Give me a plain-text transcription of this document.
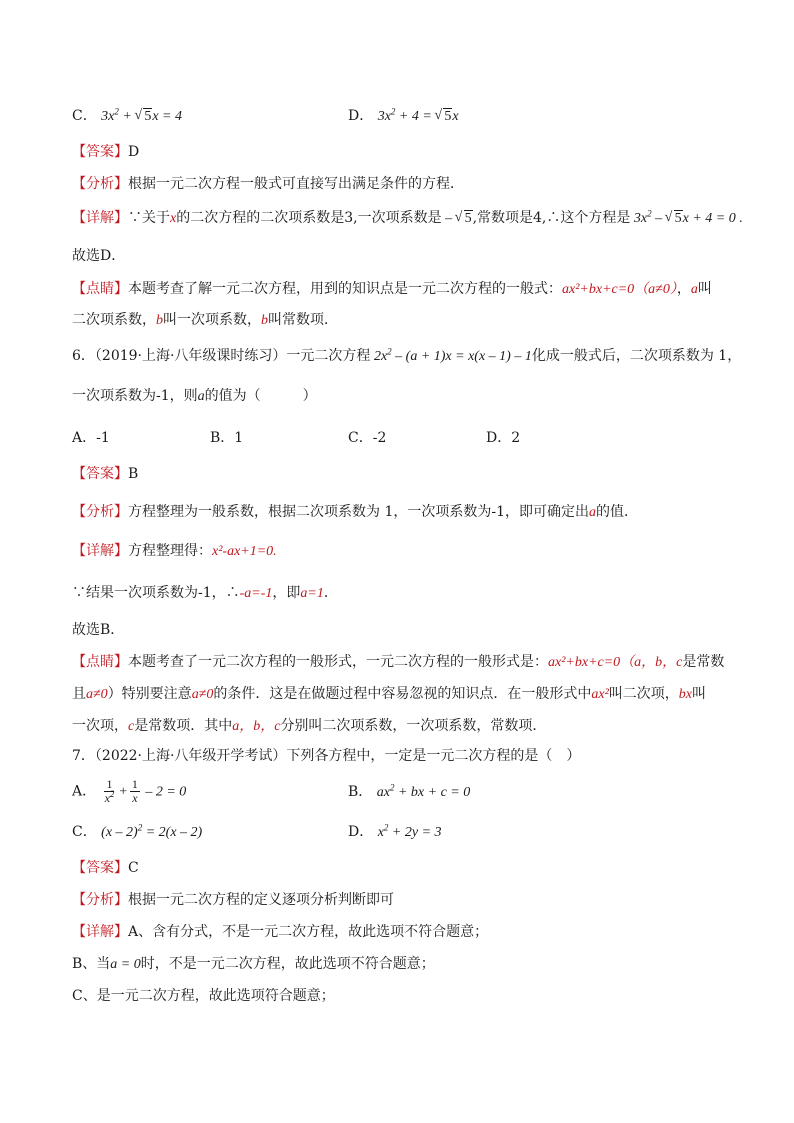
C． $3x^2$ + √ 5x = 4	D． $3x^2 + 4$ = √ 5x
【答案】D
【分析】根据一元二次方程一般式可直接写出满足条件的方程．
【详解】∵关于x的二次方程的二次项系数是3,一次项系数是 – √ 5,常数项是4,∴这个方程是 $3x^2$ – √ 5x + 4 = 0 .
故选D．
【点睛】本题考查了解一元二次方程，用到的知识点是一元二次方程的一般式：ax²+bx+c=0（a≠0），a叫
二次项系数，b叫一次项系数，b叫常数项．
6．（2019·上海·八年级课时练习）一元二次方程 $2x^2 - (a + 1)x = x(x - 1) - 1$化成一般式后，二次项系数为 1，
一次项系数为-1，则a的值为（　　　）
A．-1	B．1	C．-2	D．2
【答案】B
【分析】方程整理为一般系数，根据二次项系数为 1，一次项系数为-1，即可确定出a的值．
【详解】方程整理得：x²-ax+1=0.
∵结果一次项系数为-1，∴-a=-1，即a=1．
故选B．
【点睛】本题考查了一元二次方程的一般形式，一元二次方程的一般形式是：ax²+bx+c=0（a，b，c是常数
且a≠0）特别要注意a≠0的条件．这是在做题过程中容易忽视的知识点．在一般形式中ax²叫二次项，bx叫
一次项，c是常数项．其中a，b，c分别叫二次项系数，一次项系数，常数项．
7．（2022·上海·八年级开学考试）下列各方程中，一定是一元二次方程的是（　）
A． $\frac{1}{x^2} + \frac{1}{x} - 2 = 0$	B． $ax^2$ + bx + c = 0
C． (x – 2)$^2$ = 2(x – 2)	D． $x^2 + 2y = 3$
【答案】C
【分析】根据一元二次方程的定义逐项分析判断即可
【详解】A、含有分式，不是一元二次方程，故此选项不符合题意；
B、当a = 0时，不是一元二次方程，故此选项不符合题意；
C、是一元二次方程，故此选项符合题意；
